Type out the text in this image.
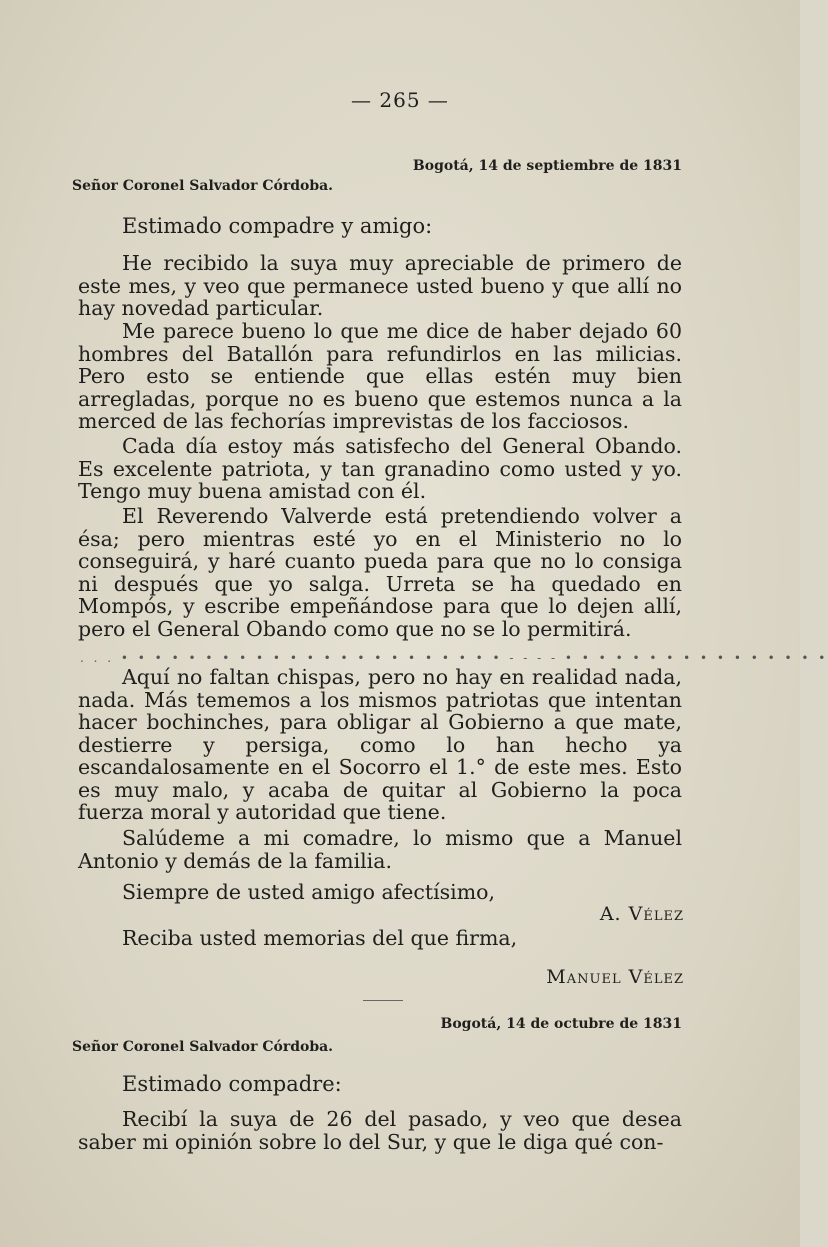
— 265 —
Bogotá, 14 de septiembre de 1831
Señor Coronel Salvador Córdoba.
Estimado compadre y amigo:

He recibido la suya muy apreciable de primero de este mes, y veo que permanece usted bueno y que allí no hay novedad particular.

Me parece bueno lo que me dice de haber dejado 60 hombres del Batallón para refundirlos en las milicias. Pero esto se entiende que ellas estén muy bien arregladas, porque no es bueno que estemos nunca a la merced de las fechorías imprevistas de los facciosos.

Cada día estoy más satisfecho del General Obando. Es excelente patriota, y tan granadino como usted y yo. Tengo muy buena amistad con él.

El Reverendo Valverde está pretendiendo volver a ésa; pero mientras esté yo en el Ministerio no lo conseguirá, y haré cuanto pueda para que no lo consiga ni después que yo salga. Urreta se ha quedado en Mompós, y escribe empeñándose para que lo dejen allí, pero el General Obando como que no se lo permitirá.

. . . • • • • • • • • • • • • • • • • • • • • • • • - - - - • • • • • • • • • • • • • • • •

Aquí no faltan chispas, pero no hay en realidad nada, nada. Más tememos a los mismos patriotas que intentan hacer bochinches, para obligar al Gobierno a que mate, destierre y persiga, como lo han hecho ya escandalosamente en el Socorro el 1.° de este mes. Esto es muy malo, y acaba de quitar al Gobierno la poca fuerza moral y autoridad que tiene.

Salúdeme a mi comadre, lo mismo que a Manuel Antonio y demás de la familia.

Siempre de usted amigo afectísimo,
A. Vélez
Reciba usted memorias del que firma,
Manuel Vélez
Bogotá, 14 de octubre de 1831
Señor Coronel Salvador Córdoba.
Estimado compadre:

Recibí la suya de 26 del pasado, y veo que desea saber mi opinión sobre lo del Sur, y que le diga qué con-
